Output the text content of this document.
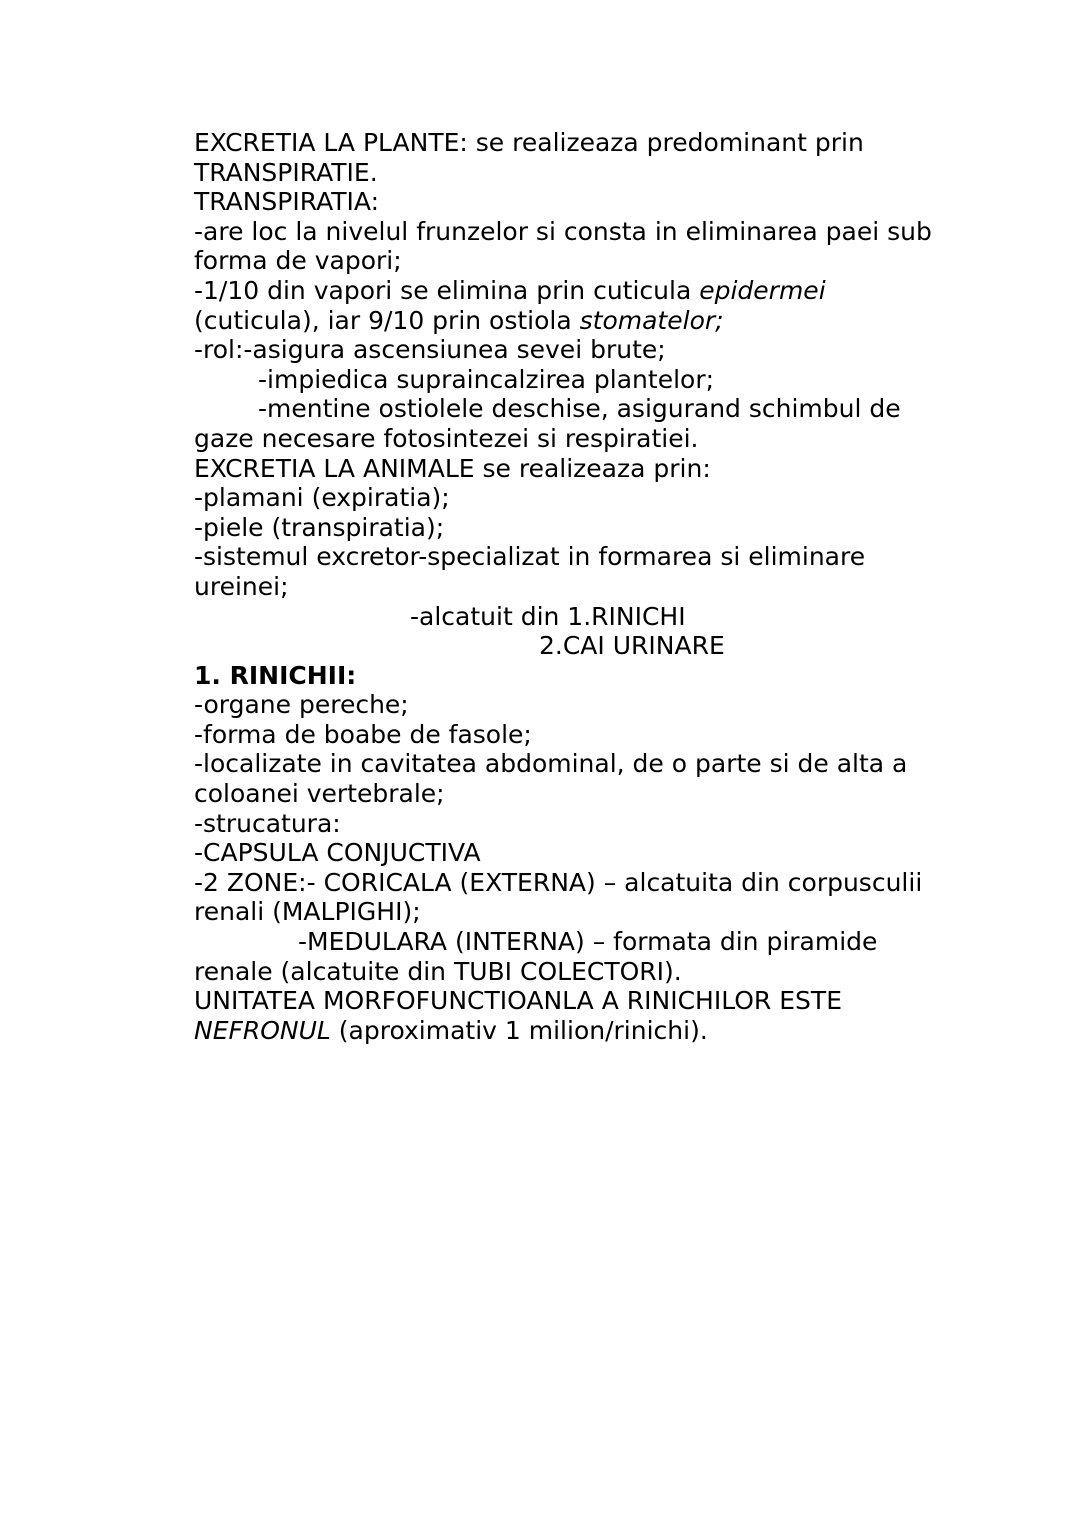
EXCRETIA LA PLANTE: se realizeaza predominant prin
TRANSPIRATIE.
TRANSPIRATIA:
-are loc la nivelul frunzelor si consta in eliminarea paei sub
forma de vapori;
-1/10 din vapori se elimina prin cuticula epidermei
(cuticula), iar 9/10 prin ostiola stomatelor;
-rol:-asigura ascensiunea sevei brute;
-impiedica supraincalzirea plantelor;
-mentine ostiolele deschise, asigurand schimbul de
gaze necesare fotosintezei si respiratiei.
EXCRETIA LA ANIMALE se realizeaza prin:
-plamani (expiratia);
-piele (transpiratia);
-sistemul excretor-specializat in formarea si eliminare
ureinei;
-alcatuit din 1.RINICHI
2.CAI URINARE
1. RINICHII:
-organe pereche;
-forma de boabe de fasole;
-localizate in cavitatea abdominal, de o parte si de alta a
coloanei vertebrale;
-strucatura:
-CAPSULA CONJUCTIVA
-2 ZONE:- CORICALA (EXTERNA) – alcatuita din corpusculii
renali (MALPIGHI);
-MEDULARA (INTERNA) – formata din piramide
renale (alcatuite din TUBI COLECTORI).
UNITATEA MORFOFUNCTIOANLA A RINICHILOR ESTE
NEFRONUL (aproximativ 1 milion/rinichi).
